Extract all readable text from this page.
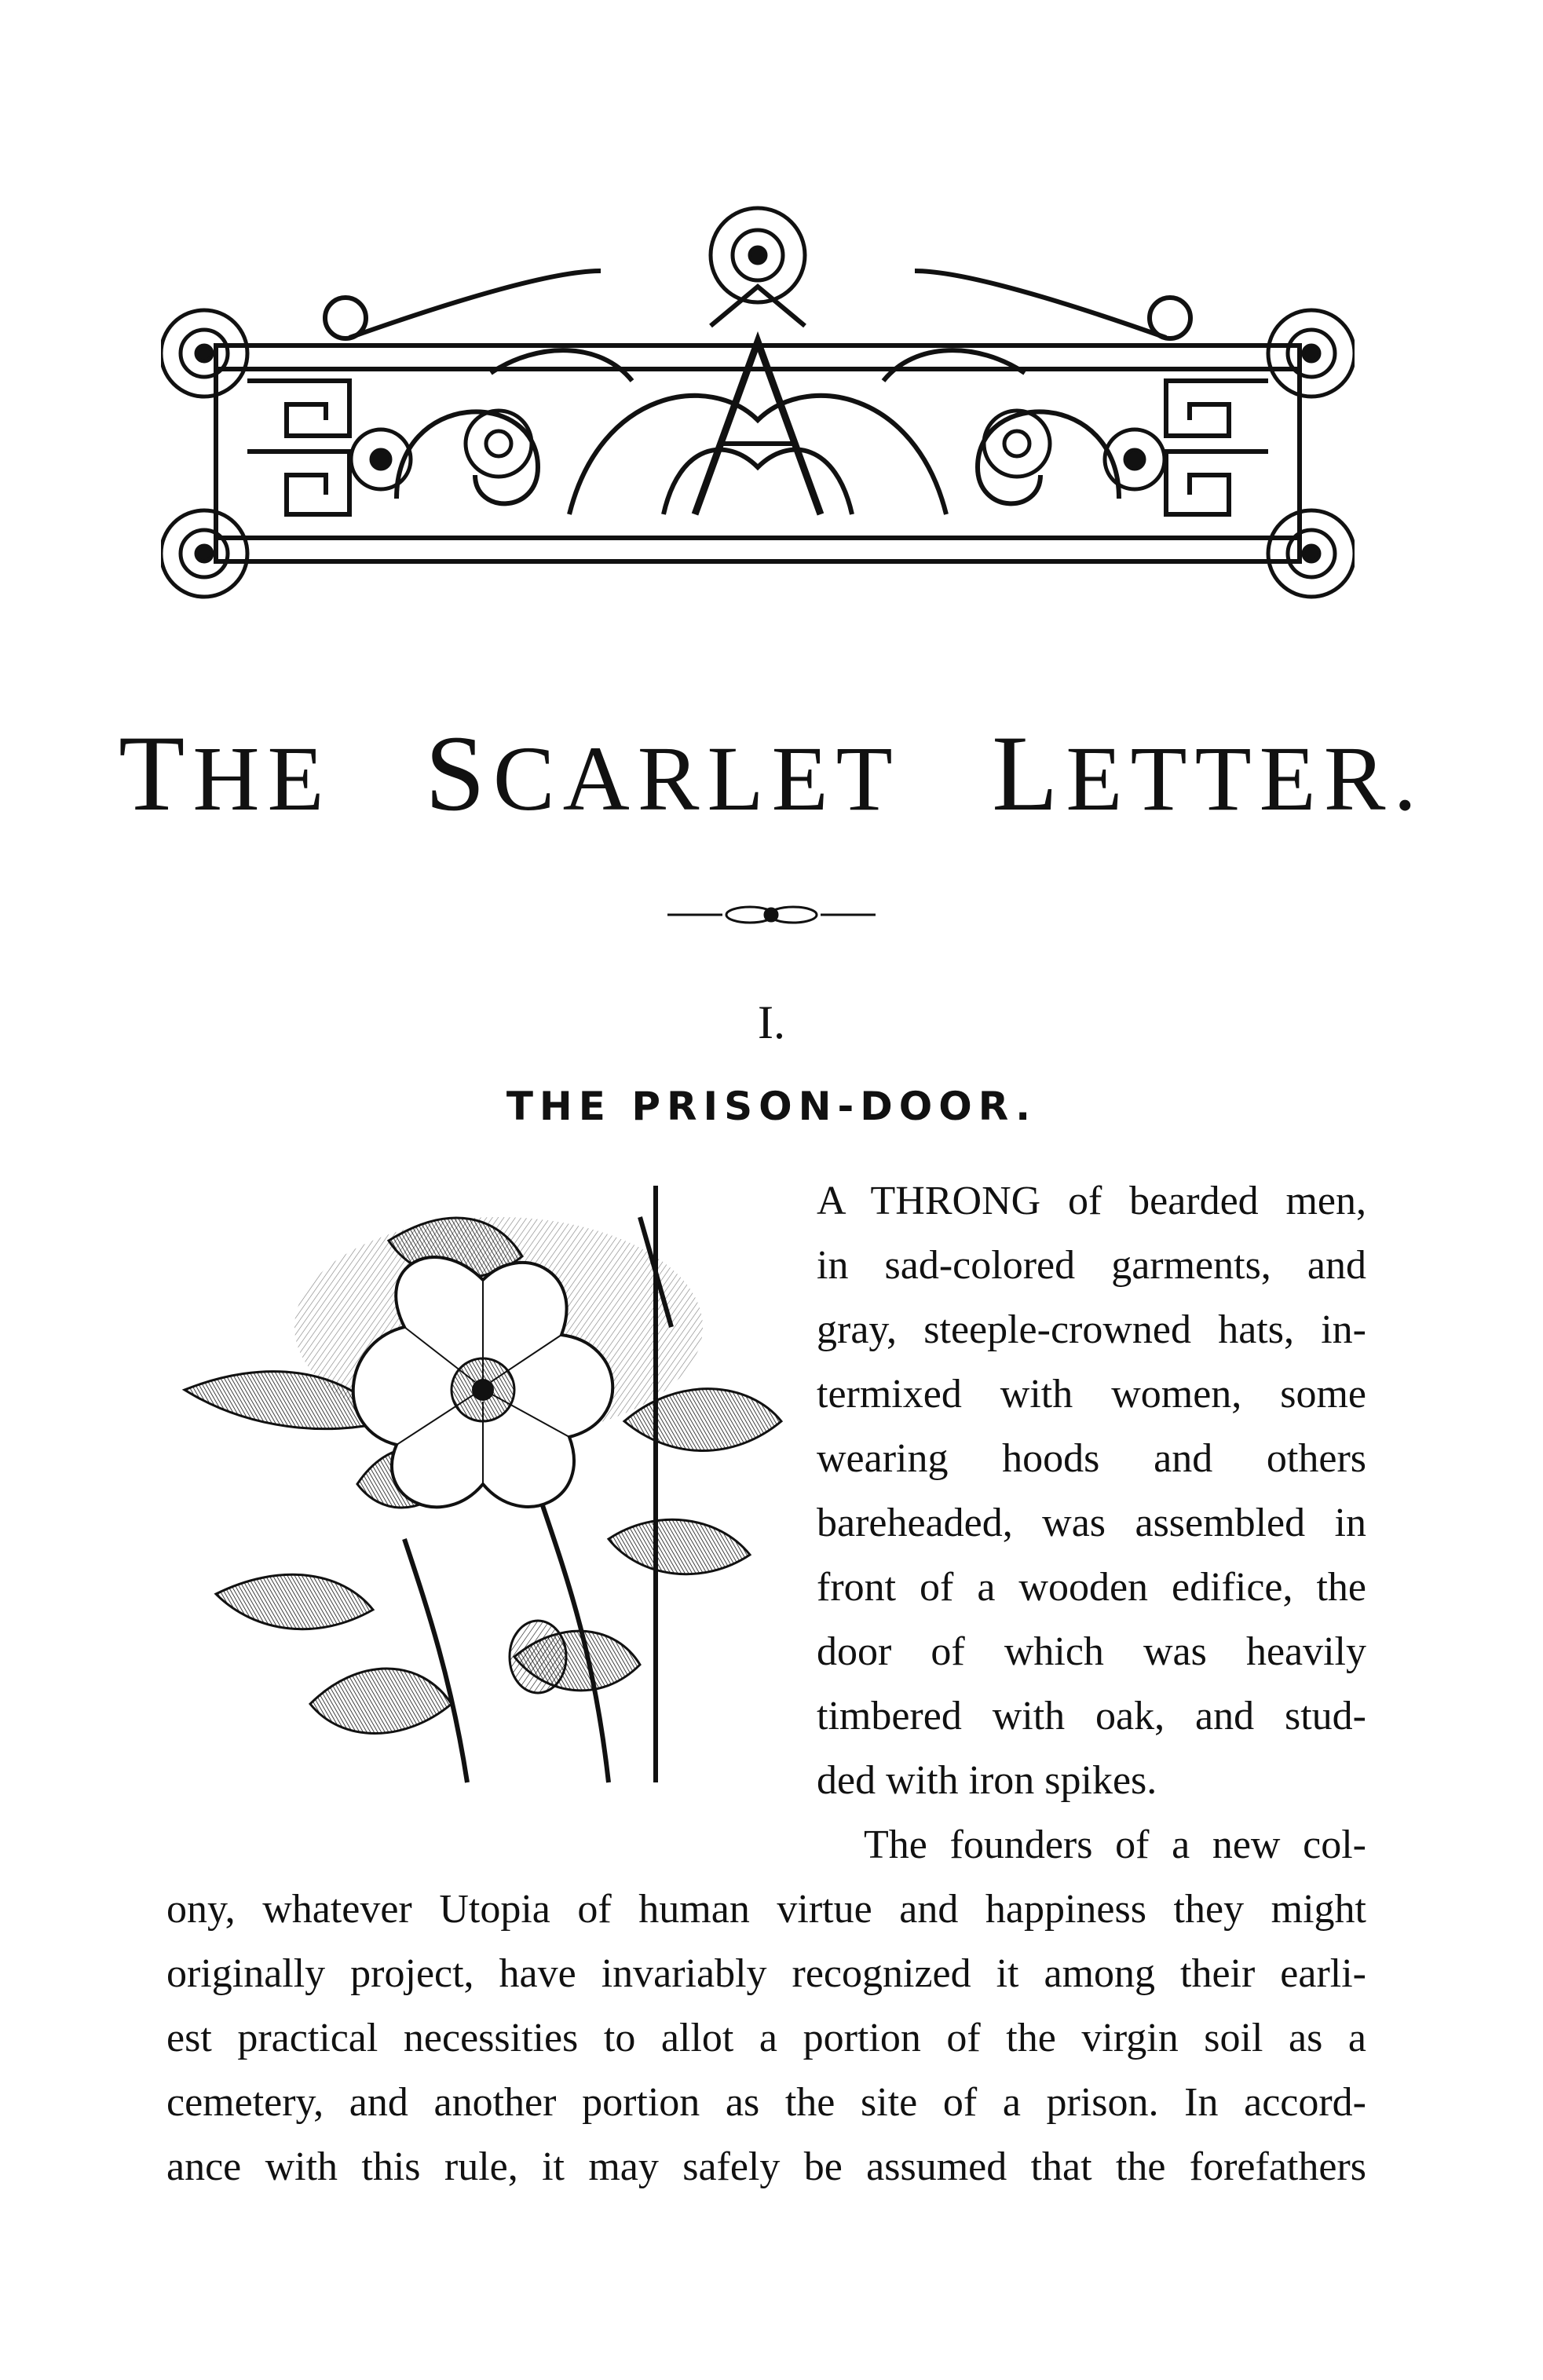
THE SCARLET LETTER.
I.
THE PRISON-DOOR.
A THRONG of bearded men,
in sad-colored garments, and
gray, steeple-crowned hats, in-
termixed with women, some
wearing hoods and others
bareheaded, was assembled in
front of a wooden edifice, the
door of which was heavily
timbered with oak, and stud-
ded with iron spikes.
The founders of a new col-
ony, whatever Utopia of human virtue and happiness they might
originally project, have invariably recognized it among their earli-
est practical necessities to allot a portion of the virgin soil as a
cemetery, and another portion as the site of a prison. In accord-
ance with this rule, it may safely be assumed that the forefathers
